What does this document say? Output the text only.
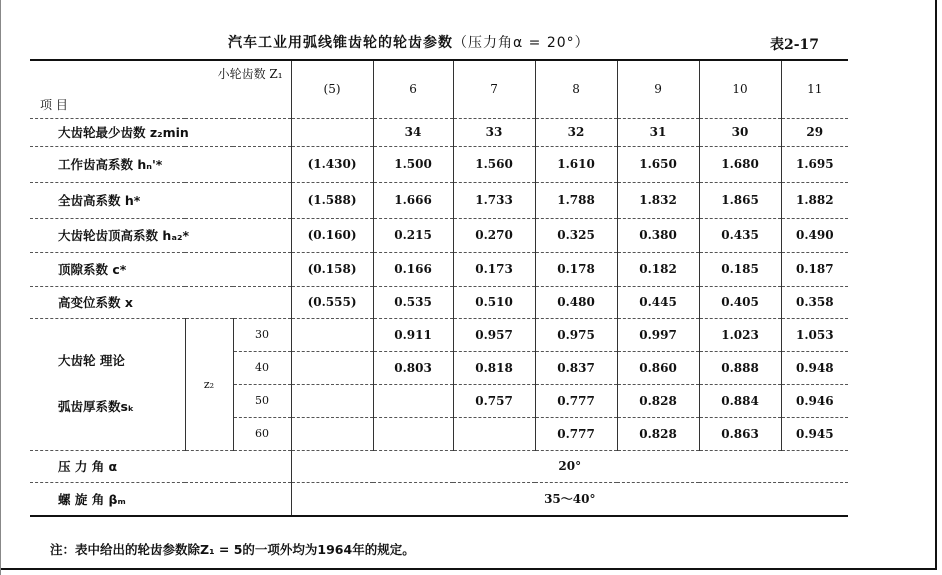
汽车工业用弧线锥齿轮的轮齿参数（压力角α = 20°）	表2-17
小轮齿数 Z₁
项 目			(5)	6	7	8	9	10	11
大齿轮最少齿数 z₂min				34	33	32	31	30	29
工作齿高系数 hₙ'*			(1.430)	1.500	1.560	1.610	1.650	1.680	1.695
全齿高系数 h*			(1.588)	1.666	1.733	1.788	1.832	1.865	1.882
大齿轮齿顶高系数 hₐ₂*			(0.160)	0.215	0.270	0.325	0.380	0.435	0.490
顶隙系数 c*			(0.158)	0.166	0.173	0.178	0.182	0.185	0.187
高变位系数 x			(0.555)	0.535	0.510	0.480	0.445	0.405	0.358

大齿轮 理论
弧齿厚系数sₖ	z₂	30		0.911	0.957	0.975	0.997	1.023	1.053
		40		0.803	0.818	0.837	0.860	0.888	0.948
		50			0.757	0.777	0.828	0.884	0.946
		60				0.777	0.828	0.863	0.945
压 力 角 α			20°						
螺 旋 角 βₘ			35～40°						
注：表中给出的轮齿参数除Z₁ = 5的一项外均为1964年的规定。
